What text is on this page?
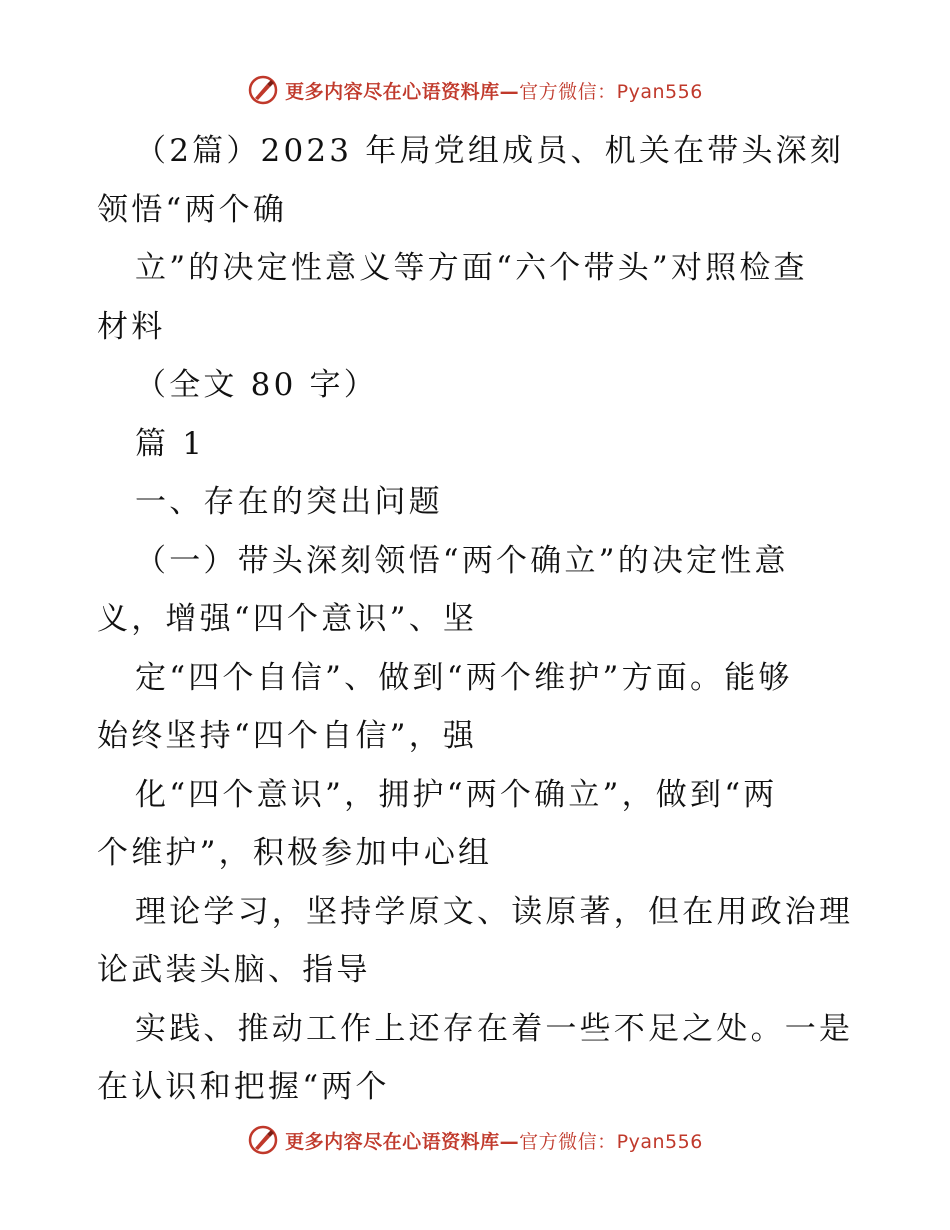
更多内容尽在心语资料库—官方微信：Pyan556
（2篇）2023 年局党组成员、机关在带头深刻
领悟“两个确
立”的决定性意义等方面“六个带头”对照检查
材料
（全文 80 字）
篇 1
一、存在的突出问题
（一）带头深刻领悟“两个确立”的决定性意
义，增强“四个意识”、坚
定“四个自信”、做到“两个维护”方面。能够
始终坚持“四个自信”，强
化“四个意识”，拥护“两个确立”，做到“两
个维护”，积极参加中心组
理论学习，坚持学原文、读原著，但在用政治理
论武装头脑、指导
实践、推动工作上还存在着一些不足之处。一是
在认识和把握“两个
更多内容尽在心语资料库—官方微信：Pyan556
